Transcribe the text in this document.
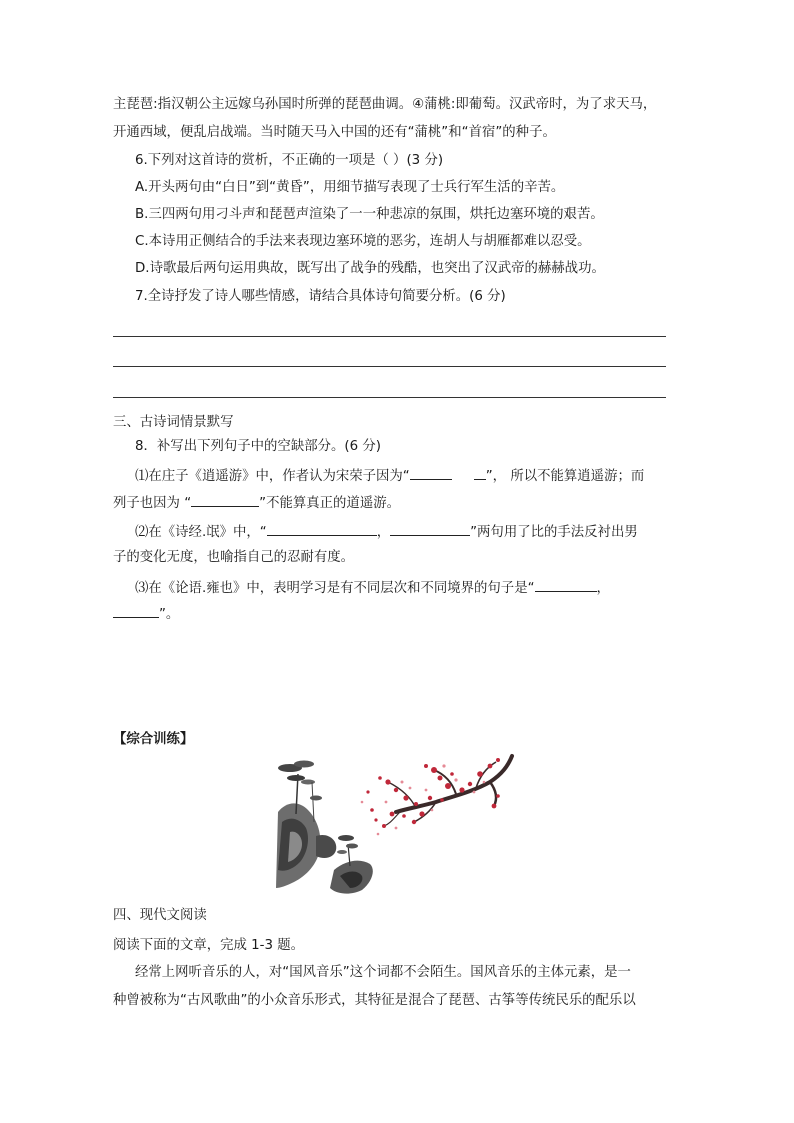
主琵琶:指汉朝公主远嫁乌孙国时所弹的琵琶曲调。④蒲桃:即葡萄。汉武帝时，为了求天马，
开通西域，便乱启战端。当时随天马入中国的还有“蒲桃”和“首宿”的种子。
6.下列对这首诗的赏析，不正确的一项是（ ）(3 分)
A.开头两句由“白日”到“黄昏”，用细节描写表现了士兵行军生活的辛苦。
B.三四两句用刁斗声和琵琶声渲染了一一种悲凉的氛围，烘托边塞环境的艰苦。
C.本诗用正侧结合的手法来表现边塞环境的恶劣，连胡人与胡雁都难以忍受。
D.诗歌最后两句运用典故，既写出了战争的残酷，也突出了汉武帝的赫赫战功。
7.全诗抒发了诗人哪些情感，请结合具体诗句简要分析。(6 分)
三、古诗词情景默写
8．补写出下列句子中的空缺部分。(6 分)
⑴在庄子《逍遥游》中，作者认为宋荣子因为“	”， 所以不能算逍遥游；而
列子也因为 “	”不能算真正的道遥游。
⑵在《诗经.氓》中，“	，	”两句用了比的手法反衬出男
子的变化无度，也喻指自己的忍耐有度。
⑶在《论语.雍也》中，表明学习是有不同层次和不同境界的句子是“	，
”。
【综合训练】
四、现代文阅读
阅读下面的文章，完成 1-3 题。
经常上网听音乐的人，对“国风音乐”这个词都不会陌生。国风音乐的主体元素，是一
种曾被称为“古风歌曲”的小众音乐形式，其特征是混合了琵琶、古筝等传统民乐的配乐以
